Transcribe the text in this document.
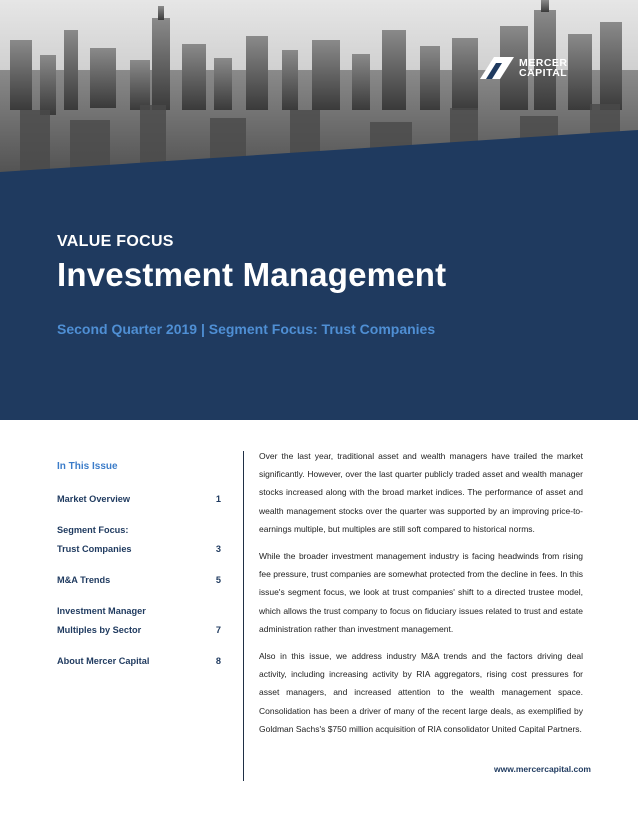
MERCER
CAPITAL
VALUE FOCUS
Investment Management
Second Quarter 2019 | Segment Focus: Trust Companies
In This Issue
Market Overview	1
Segment Focus:
Trust Companies	3
M&A Trends	5
Investment Manager
Multiples by Sector	7
About Mercer Capital	8

Over the last year, traditional asset and wealth managers have trailed the market significantly. However, over the last quarter publicly traded asset and wealth manager stocks increased along with the broad market indices. The performance of asset and wealth management stocks over the quarter was supported by an improving price-to-earnings multiple, but multiples are still soft compared to historical norms.

While the broader investment management industry is facing headwinds from rising fee pressure, trust companies are somewhat protected from the decline in fees. In this issue's segment focus, we look at trust companies' shift to a directed trustee model, which allows the trust company to focus on fiduciary issues related to trust and estate administration rather than investment management.

Also in this issue, we address industry M&A trends and the factors driving deal activity, including increasing activity by RIA aggregators, rising cost pressures for asset managers, and increased attention to the wealth management space. Consolidation has been a driver of many of the recent large deals, as exemplified by Goldman Sachs's $750 million acquisition of RIA consolidator United Capital Partners.

www.mercercapital.com
